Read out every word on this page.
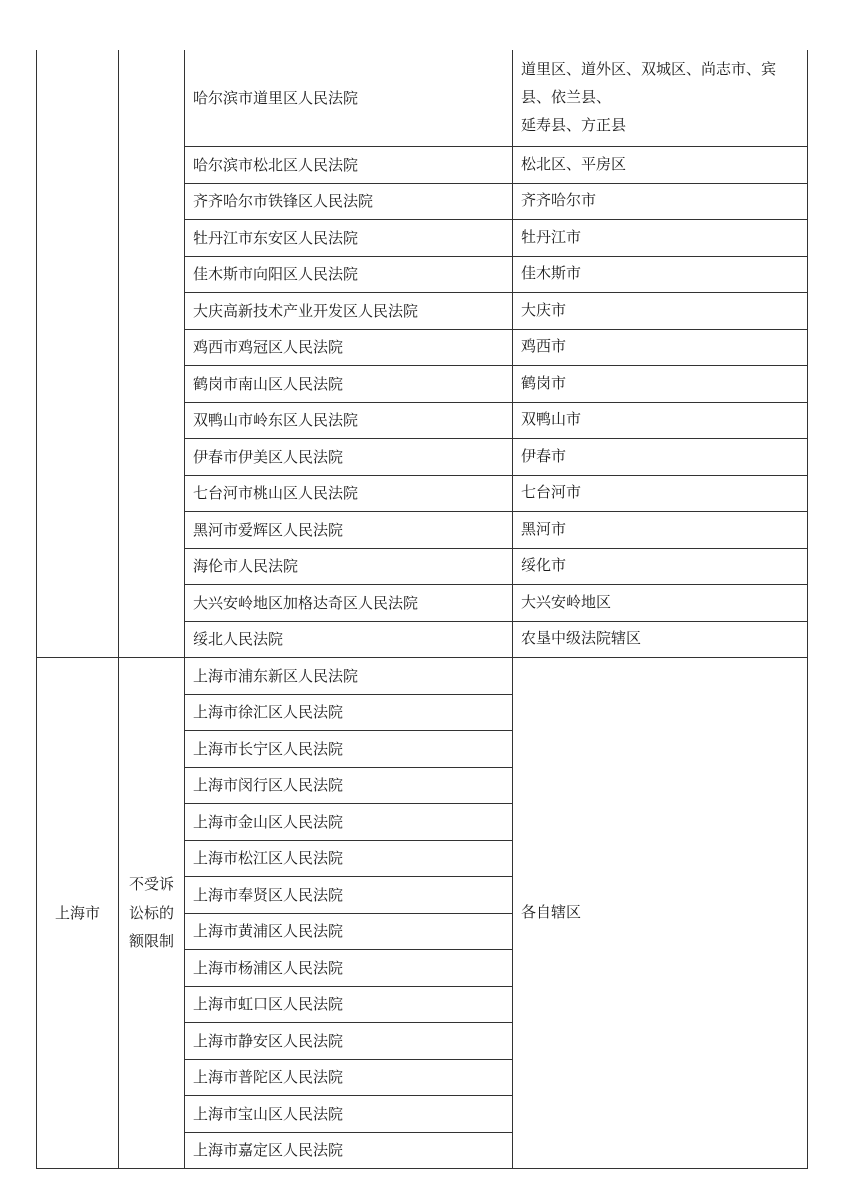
		哈尔滨市道里区人民法院	道里区、道外区、双城区、尚志市、宾
县、依兰县、
延寿县、方正县
		哈尔滨市松北区人民法院	松北区、平房区
		齐齐哈尔市铁锋区人民法院	齐齐哈尔市
		牡丹江市东安区人民法院	牡丹江市
		佳木斯市向阳区人民法院	佳木斯市
		大庆高新技术产业开发区人民法院	大庆市
		鸡西市鸡冠区人民法院	鸡西市
		鹤岗市南山区人民法院	鹤岗市
		双鸭山市岭东区人民法院	双鸭山市
		伊春市伊美区人民法院	伊春市
		七台河市桃山区人民法院	七台河市
		黑河市爱辉区人民法院	黑河市
		海伦市人民法院	绥化市
		大兴安岭地区加格达奇区人民法院	大兴安岭地区
		绥北人民法院	农垦中级法院辖区
上海市	不受诉
讼标的
额限制	上海市浦东新区人民法院	各自辖区
		上海市徐汇区人民法院	
		上海市长宁区人民法院	
		上海市闵行区人民法院	
		上海市金山区人民法院	
		上海市松江区人民法院	
		上海市奉贤区人民法院	
		上海市黄浦区人民法院	
		上海市杨浦区人民法院	
		上海市虹口区人民法院	
		上海市静安区人民法院	
		上海市普陀区人民法院	
		上海市宝山区人民法院	
		上海市嘉定区人民法院	
